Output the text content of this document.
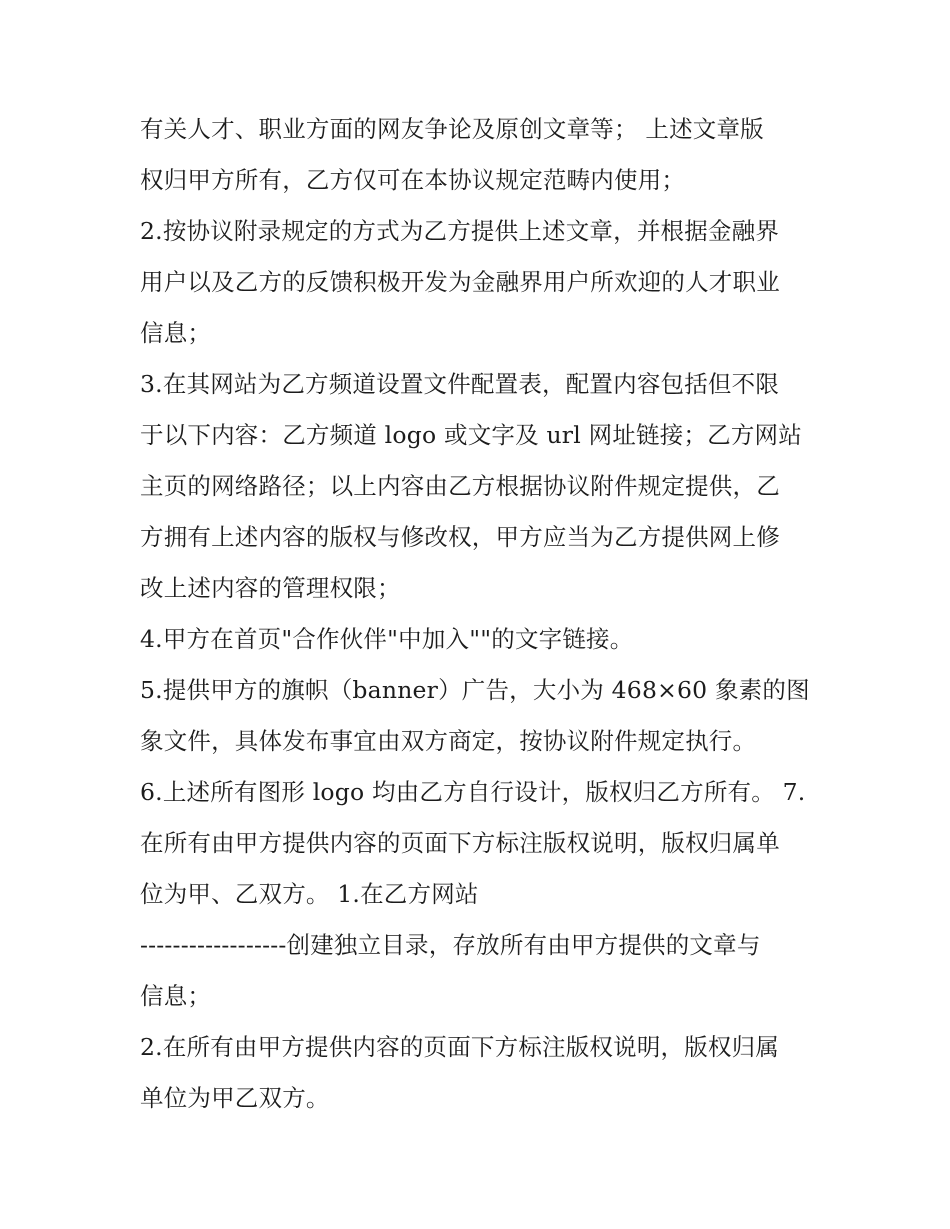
有关人才、职业方面的网友争论及原创文章等； 上述文章版
权归甲方所有，乙方仅可在本协议规定范畴内使用；
2.按协议附录规定的方式为乙方提供上述文章，并根据金融界
用户以及乙方的反馈积极开发为金融界用户所欢迎的人才职业
信息；
3.在其网站为乙方频道设置文件配置表，配置内容包括但不限
于以下内容：乙方频道 logo 或文字及 url 网址链接；乙方网站
主页的网络路径；以上内容由乙方根据协议附件规定提供，乙
方拥有上述内容的版权与修改权，甲方应当为乙方提供网上修
改上述内容的管理权限；
4.甲方在首页"合作伙伴"中加入""的文字链接。
5.提供甲方的旗帜（banner）广告，大小为 468×60 象素的图
象文件，具体发布事宜由双方商定，按协议附件规定执行。
6.上述所有图形 logo 均由乙方自行设计，版权归乙方所有。 7.
在所有由甲方提供内容的页面下方标注版权说明，版权归属单
位为甲、乙双方。 1.在乙方网站
------------------创建独立目录，存放所有由甲方提供的文章与
信息；
2.在所有由甲方提供内容的页面下方标注版权说明，版权归属
单位为甲乙双方。
